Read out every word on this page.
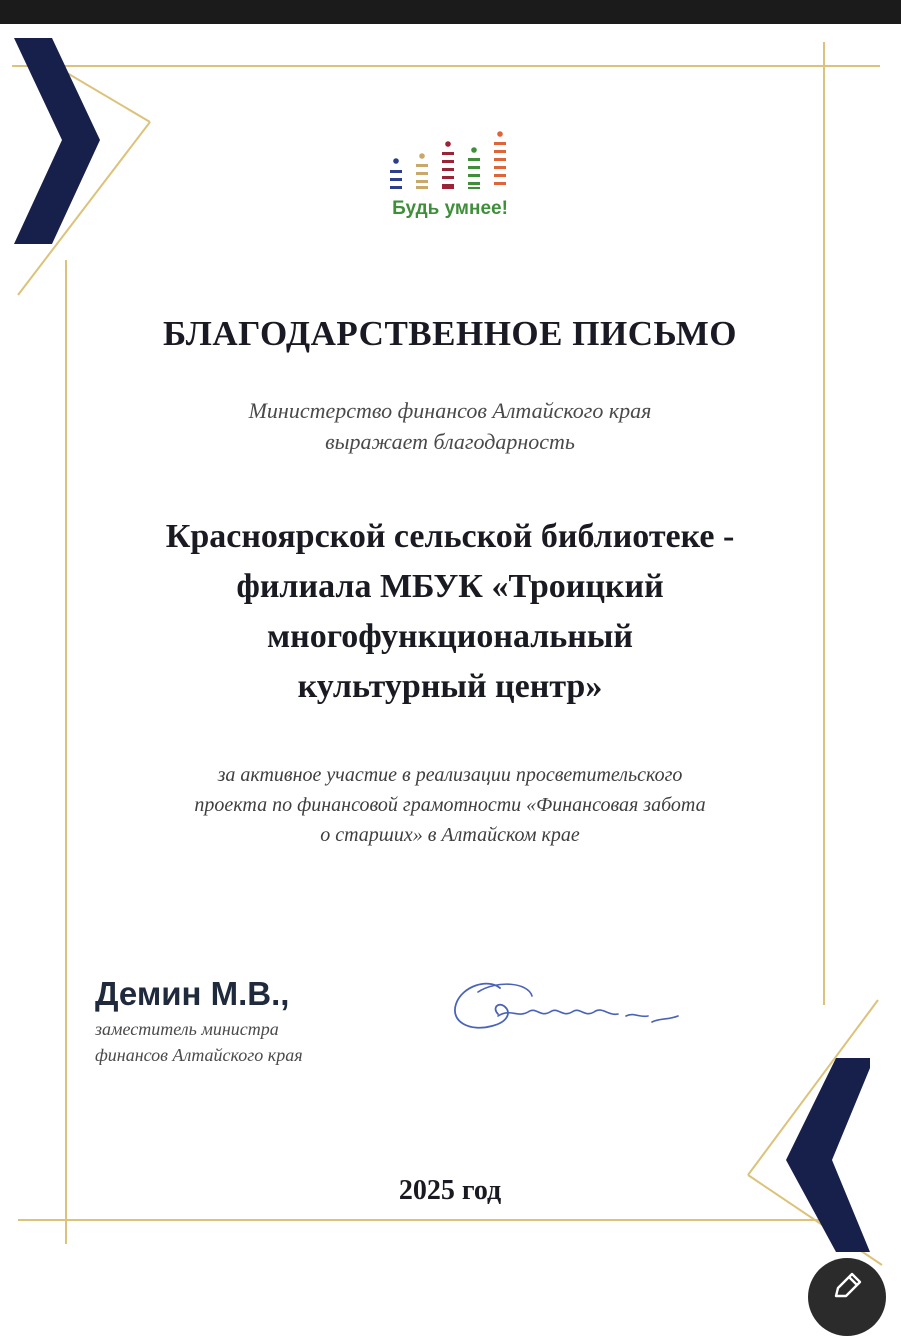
Будь умнее!
БЛАГОДАРСТВЕННОЕ ПИСЬМО
Министерство финансов Алтайского края
выражает благодарность
Красноярской сельской библиотеке -
филиала МБУК «Троицкий
многофункциональный
культурный центр»
за активное участие в реализации просветительского
проекта по финансовой грамотности «Финансовая забота
о старших» в Алтайском крае
Демин М.В.,
заместитель министра
финансов Алтайского края
2025 год
